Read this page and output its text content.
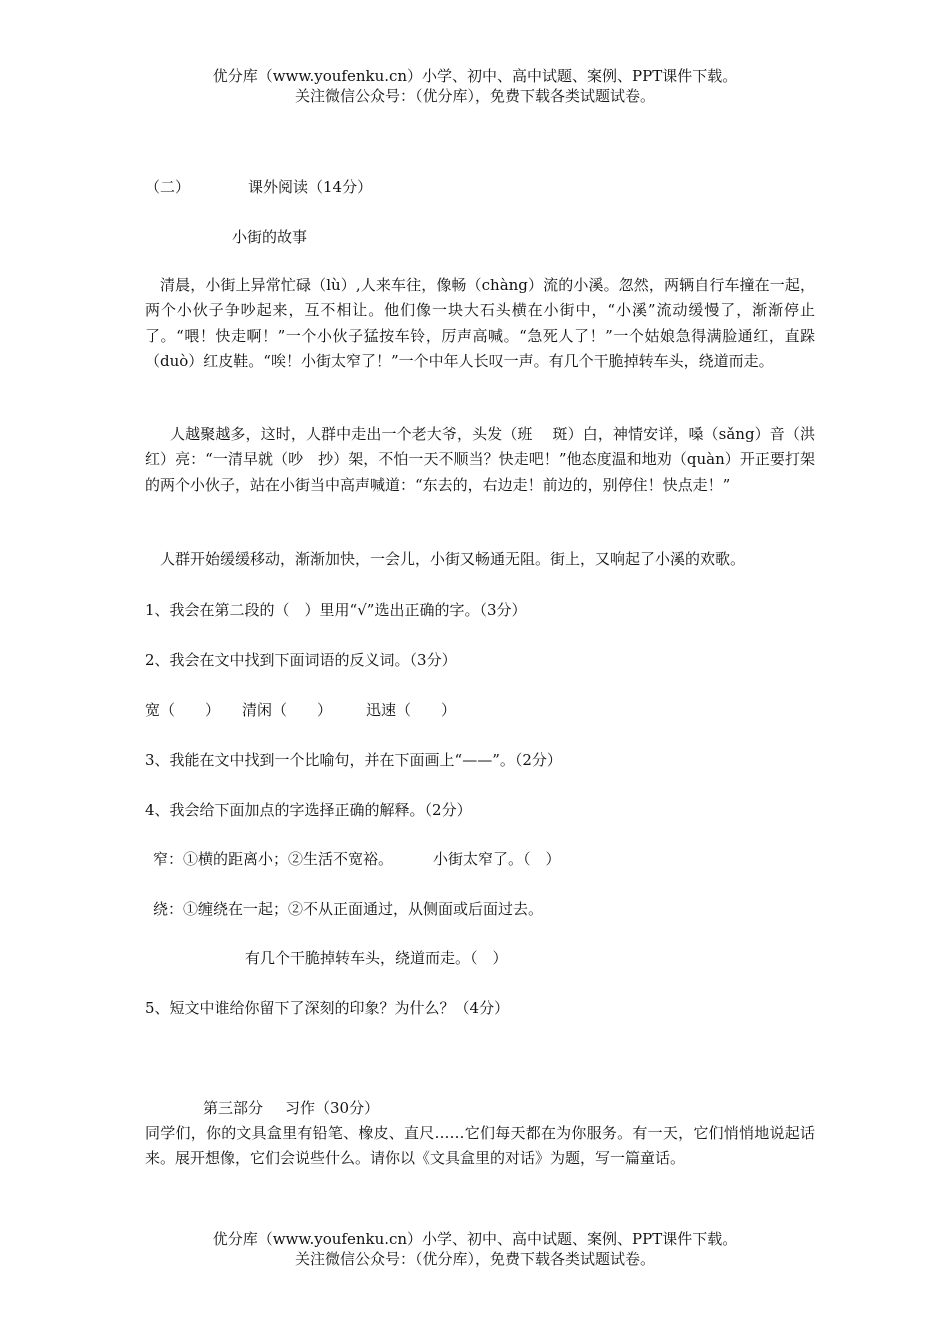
优分库（www.youfenku.cn）小学、初中、高中试题、案例、PPT课件下载。
关注微信公众号：（优分库），免费下载各类试题试卷。
（二）	课外阅读（14分）
小街的故事
清晨，小街上异常忙碌（lù）,人来车往，像畅（chàng）流的小溪。忽然，两辆自行车撞在一起，两个小伙子争吵起来，互不相让。他们像一块大石头横在小街中，“小溪”流动缓慢了，渐渐停止了。“喂！快走啊！”一个小伙子猛按车铃，厉声高喊。“急死人了！”一个姑娘急得满脸通红，直跺（duò）红皮鞋。“唉！小街太窄了！”一个中年人长叹一声。有几个干脆掉转车头，绕道而走。
人越聚越多，这时，人群中走出一个老大爷，头发（班　 斑）白，神情安详，嗓（sǎng）音（洪　红）亮：“一清早就（吵　抄）架，不怕一天不顺当？快走吧！”他态度温和地劝（quàn）开正要打架的两个小伙子，站在小街当中高声喊道：“东去的，右边走！前边的，别停住！快点走！”
人群开始缓缓移动，渐渐加快，一会儿，小街又畅通无阻。街上，又响起了小溪的欢歌。
1、我会在第二段的（　）里用“√”选出正确的字。（3分）
2、我会在文中找到下面词语的反义词。（3分）
宽（　　） 清闲（　　） 迅速（　　）
3、我能在文中找到一个比喻句，并在下面画上“——”。（2分）
4、我会给下面加点的字选择正确的解释。（2分）
窄：①横的距离小；②生活不宽裕。	小街太窄了。（　）
绕：①缠绕在一起；②不从正面通过，从侧面或后面过去。
有几个干脆掉转车头，绕道而走。（　）
5、短文中谁给你留下了深刻的印象？为什么？（4分）
第三部分 习作（30分）
同学们，你的文具盒里有铅笔、橡皮、直尺……它们每天都在为你服务。有一天，它们悄悄地说起话来。展开想像，它们会说些什么。请你以《文具盒里的对话》为题，写一篇童话。
优分库（www.youfenku.cn）小学、初中、高中试题、案例、PPT课件下载。
关注微信公众号：（优分库），免费下载各类试题试卷。
